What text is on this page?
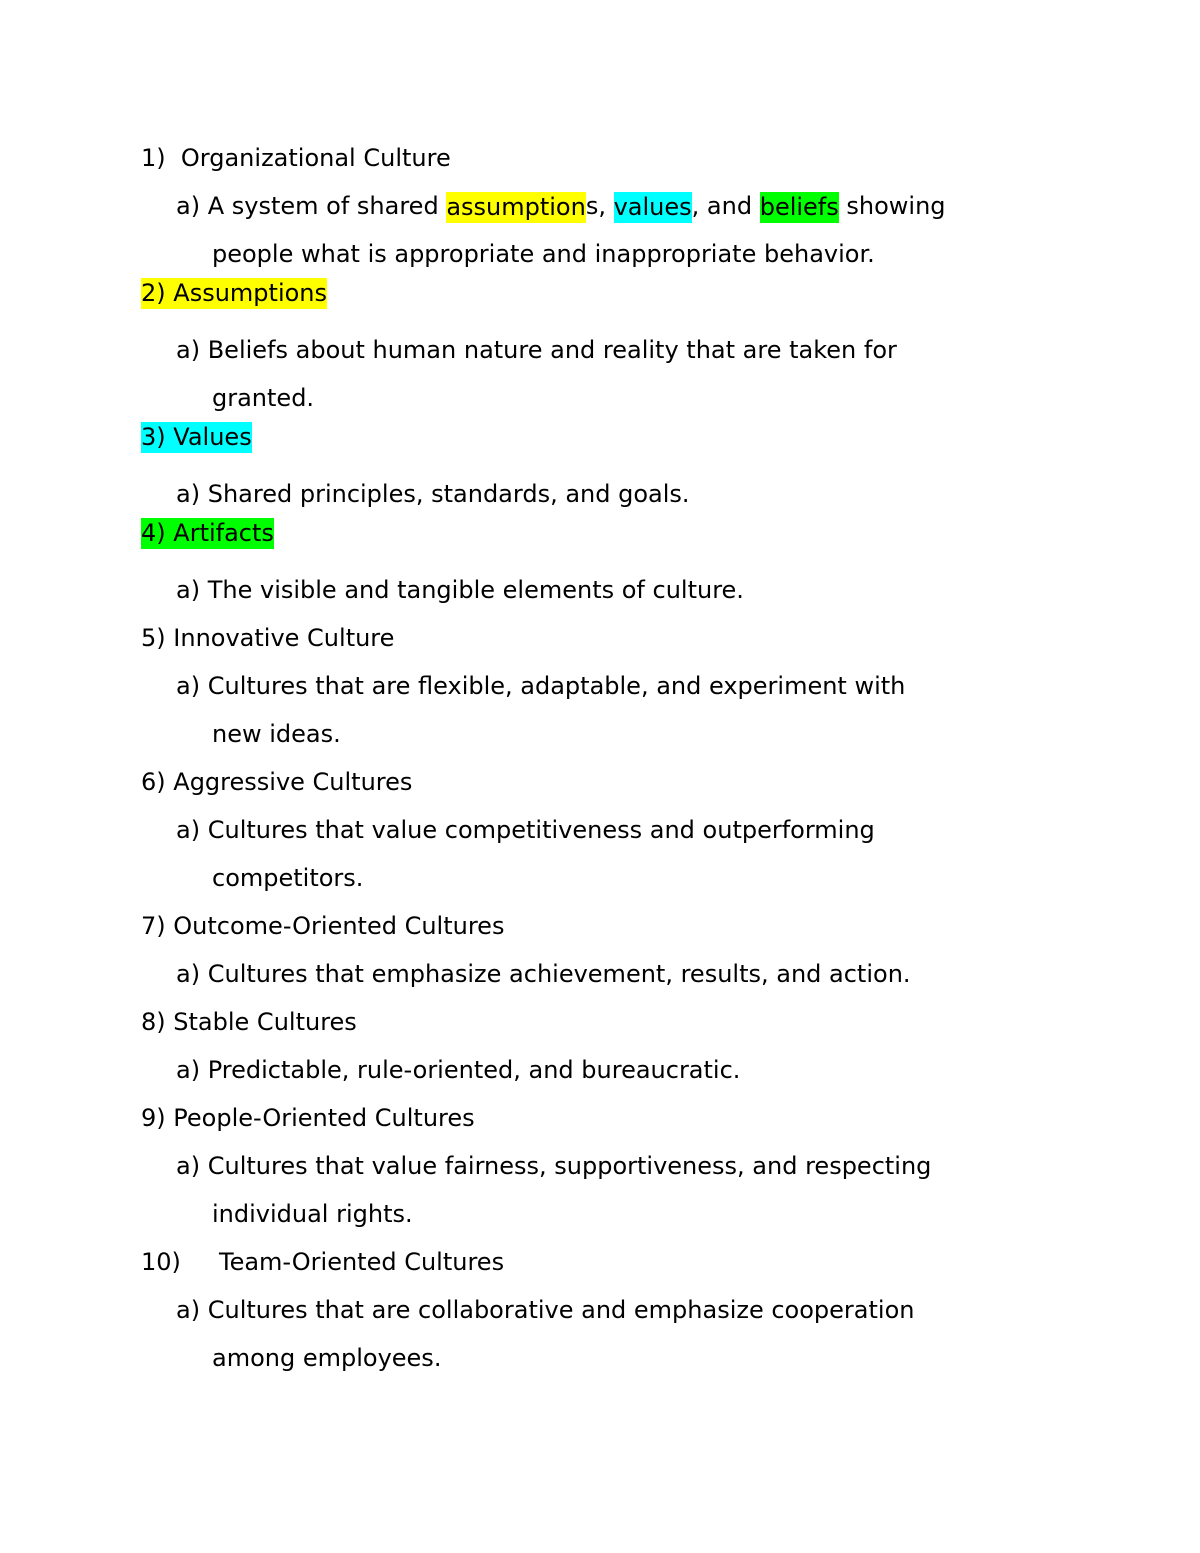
1) Organizational Culture
a) A system of shared assumptions, values, and beliefs showing
people what is appropriate and inappropriate behavior.
2) Assumptions
a) Beliefs about human nature and reality that are taken for
granted.
3) Values
a) Shared principles, standards, and goals.
4) Artifacts
a) The visible and tangible elements of culture.
5) Innovative Culture
a) Cultures that are flexible, adaptable, and experiment with
new ideas.
6) Aggressive Cultures
a) Cultures that value competitiveness and outperforming
competitors.
7) Outcome-Oriented Cultures
a) Cultures that emphasize achievement, results, and action.
8) Stable Cultures
a) Predictable, rule-oriented, and bureaucratic.
9) People-Oriented Cultures
a) Cultures that value fairness, supportiveness, and respecting
individual rights.
10) Team-Oriented Cultures
a) Cultures that are collaborative and emphasize cooperation
among employees.
